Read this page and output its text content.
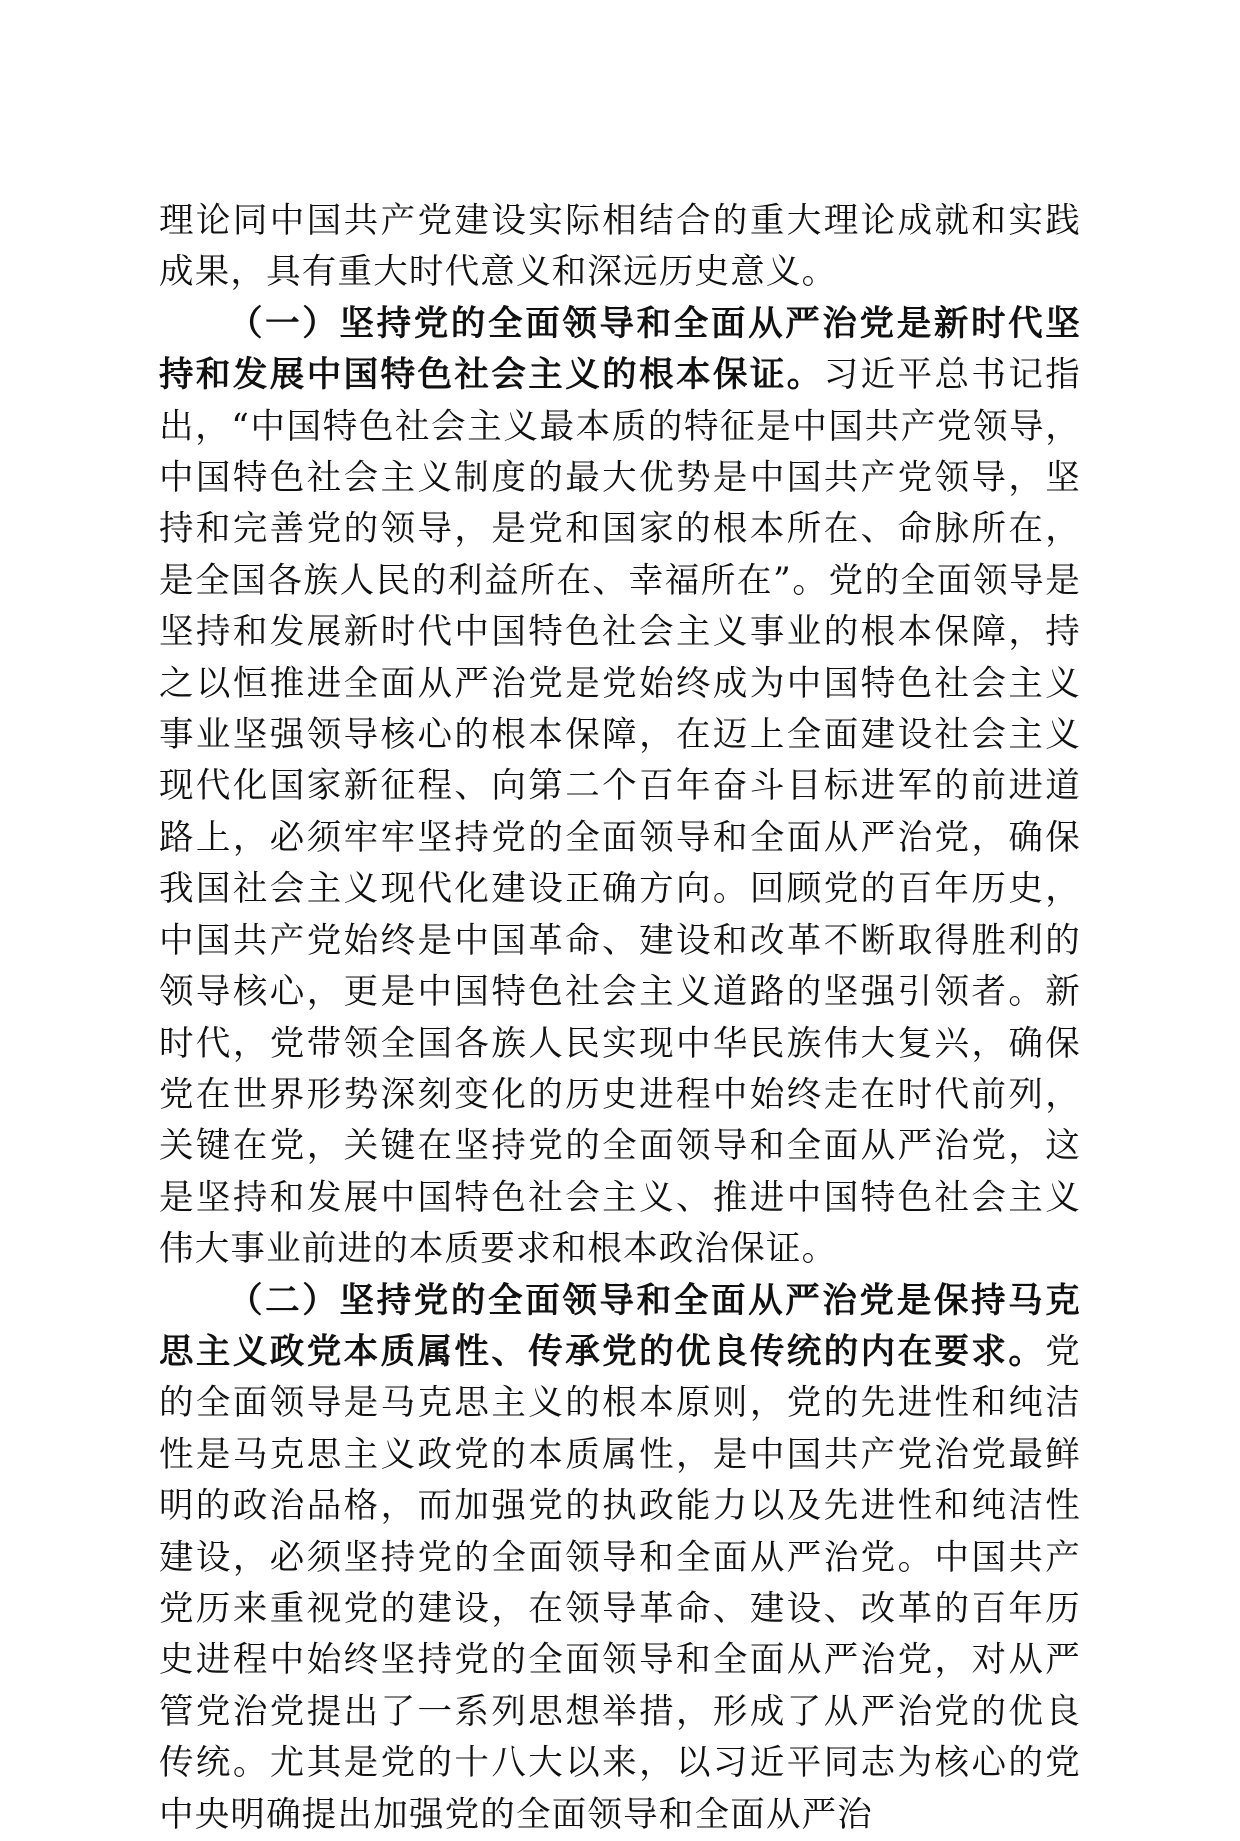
理论同中国共产党建设实际相结合的重大理论成就和实践成果，具有重大时代意义和深远历史意义。

（一）坚持党的全面领导和全面从严治党是新时代坚持和发展中国特色社会主义的根本保证。习近平总书记指出，“中国特色社会主义最本质的特征是中国共产党领导，中国特色社会主义制度的最大优势是中国共产党领导，坚持和完善党的领导，是党和国家的根本所在、命脉所在，是全国各族人民的利益所在、幸福所在”。党的全面领导是坚持和发展新时代中国特色社会主义事业的根本保障，持之以恒推进全面从严治党是党始终成为中国特色社会主义事业坚强领导核心的根本保障，在迈上全面建设社会主义现代化国家新征程、向第二个百年奋斗目标进军的前进道路上，必须牢牢坚持党的全面领导和全面从严治党，确保我国社会主义现代化建设正确方向。回顾党的百年历史，中国共产党始终是中国革命、建设和改革不断取得胜利的领导核心，更是中国特色社会主义道路的坚强引领者。新时代，党带领全国各族人民实现中华民族伟大复兴，确保党在世界形势深刻变化的历史进程中始终走在时代前列，关键在党，关键在坚持党的全面领导和全面从严治党，这是坚持和发展中国特色社会主义、推进中国特色社会主义伟大事业前进的本质要求和根本政治保证。

（二）坚持党的全面领导和全面从严治党是保持马克思主义政党本质属性、传承党的优良传统的内在要求。党的全面领导是马克思主义的根本原则，党的先进性和纯洁性是马克思主义政党的本质属性，是中国共产党治党最鲜明的政治品格，而加强党的执政能力以及先进性和纯洁性建设，必须坚持党的全面领导和全面从严治党。中国共产党历来重视党的建设，在领导革命、建设、改革的百年历史进程中始终坚持党的全面领导和全面从严治党，对从严管党治党提出了一系列思想举措，形成了从严治党的优良传统。尤其是党的十八大以来，以习近平同志为核心的党中央明确提出加强党的全面领导和全面从严治
